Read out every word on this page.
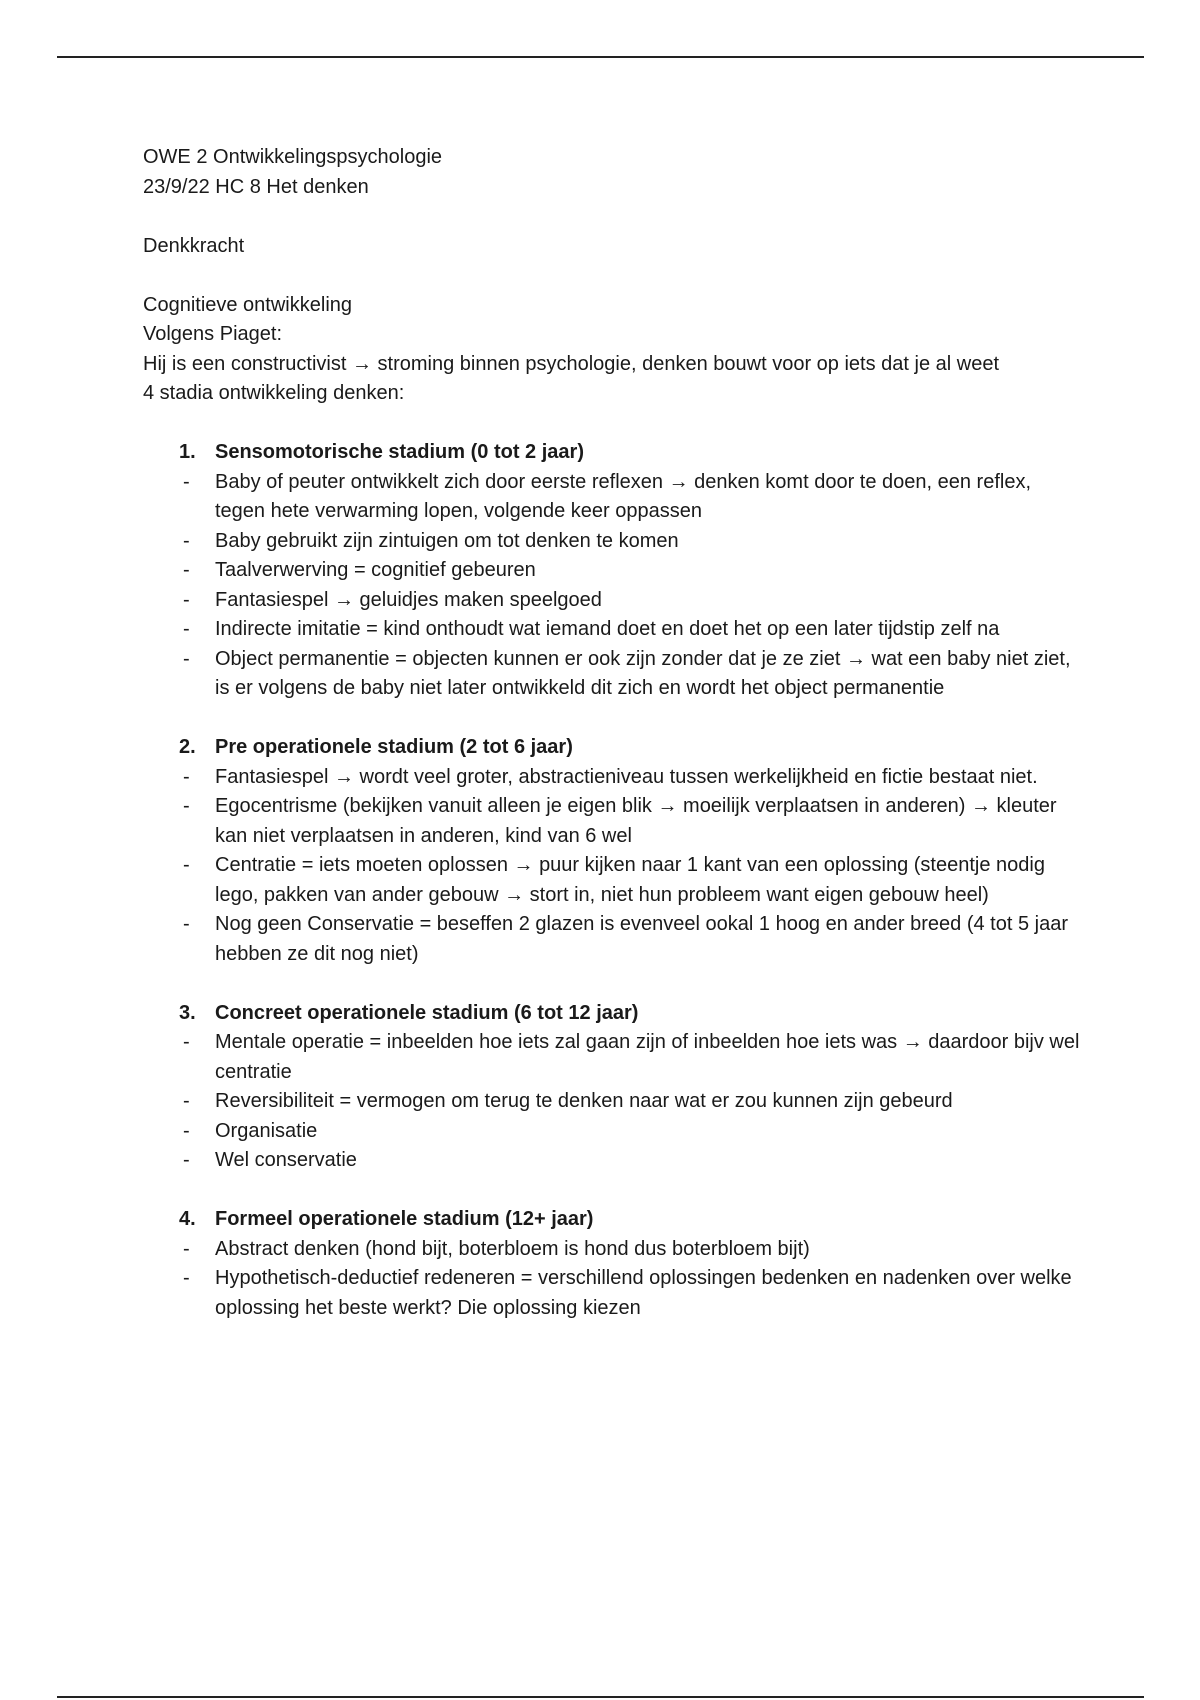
OWE 2 Ontwikkelingspsychologie

23/9/22 HC 8 Het denken

Denkkracht

Cognitieve ontwikkeling

Volgens Piaget:

Hij is een constructivist → stroming binnen psychologie, denken bouwt voor op iets dat je al weet

4 stadia ontwikkeling denken:

1. Sensomotorische stadium (0 tot 2 jaar)

- Baby of peuter ontwikkelt zich door eerste reflexen → denken komt door te doen, een reflex, tegen hete verwarming lopen, volgende keer oppassen
- Baby gebruikt zijn zintuigen om tot denken te komen
- Taalverwerving = cognitief gebeuren
- Fantasiespel → geluidjes maken speelgoed
- Indirecte imitatie = kind onthoudt wat iemand doet en doet het op een later tijdstip zelf na
- Object permanentie = objecten kunnen er ook zijn zonder dat je ze ziet → wat een baby niet ziet, is er volgens de baby niet later ontwikkeld dit zich en wordt het object permanentie

2. Pre operationele stadium (2 tot 6 jaar)

- Fantasiespel → wordt veel groter, abstractieniveau tussen werkelijkheid en fictie bestaat niet.
- Egocentrisme (bekijken vanuit alleen je eigen blik → moeilijk verplaatsen in anderen) → kleuter kan niet verplaatsen in anderen, kind van 6 wel
- Centratie = iets moeten oplossen → puur kijken naar 1 kant van een oplossing (steentje nodig lego, pakken van ander gebouw → stort in, niet hun probleem want eigen gebouw heel)
- Nog geen Conservatie = beseffen 2 glazen is evenveel ookal 1 hoog en ander breed (4 tot 5 jaar hebben ze dit nog niet)

3. Concreet operationele stadium (6 tot 12 jaar)

- Mentale operatie = inbeelden hoe iets zal gaan zijn of inbeelden hoe iets was → daardoor bijv wel centratie
- Reversibiliteit = vermogen om terug te denken naar wat er zou kunnen zijn gebeurd
- Organisatie
- Wel conservatie

4. Formeel operationele stadium (12+ jaar)

- Abstract denken (hond bijt, boterbloem is hond dus boterbloem bijt)
- Hypothetisch-deductief redeneren = verschillend oplossingen bedenken en nadenken over welke oplossing het beste werkt? Die oplossing kiezen
